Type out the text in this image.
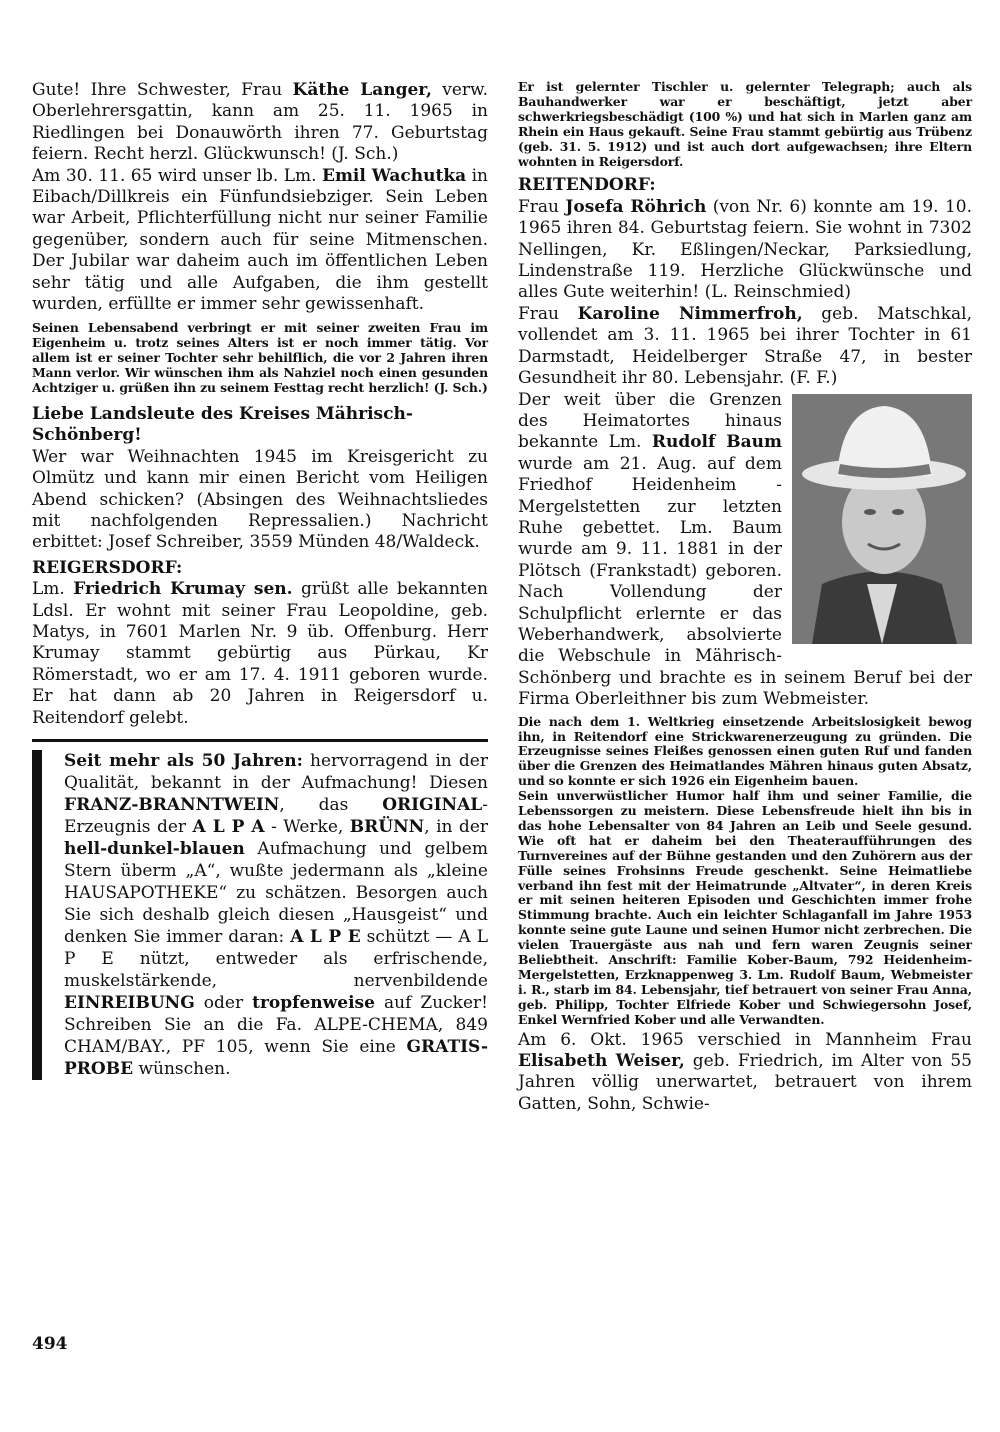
Gute! Ihre Schwester, Frau Käthe Langer, verw. Oberlehrersgattin, kann am 25. 11. 1965 in Riedlingen bei Donauwörth ihren 77. Geburtstag feiern. Recht herzl. Glückwunsch! (J. Sch.)

Am 30. 11. 65 wird unser lb. Lm. Emil Wachutka in Eibach/Dillkreis ein Fünfundsiebziger. Sein Leben war Arbeit, Pflichterfüllung nicht nur seiner Familie gegenüber, sondern auch für seine Mitmenschen. Der Jubilar war daheim auch im öffentlichen Leben sehr tätig und alle Aufgaben, die ihm gestellt wurden, erfüllte er immer sehr gewissenhaft.

Seinen Lebensabend verbringt er mit seiner zweiten Frau im Eigenheim u. trotz seines Alters ist er noch immer tätig. Vor allem ist er seiner Tochter sehr behilflich, die vor 2 Jahren ihren Mann verlor. Wir wünschen ihm als Nahziel noch einen gesunden Achtziger u. grüßen ihn zu seinem Festtag recht herzlich! (J. Sch.)

Liebe Landsleute des Kreises Mährisch-Schönberg!

Wer war Weihnachten 1945 im Kreisgericht zu Olmütz und kann mir einen Bericht vom Heiligen Abend schicken? (Absingen des Weihnachtsliedes mit nachfolgenden Repressalien.) Nachricht erbittet: Josef Schreiber, 3559 Münden 48/Waldeck.

REIGERSDORF:

Lm. Friedrich Krumay sen. grüßt alle bekannten Ldsl. Er wohnt mit seiner Frau Leopoldine, geb. Matys, in 7601 Marlen Nr. 9 üb. Offenburg. Herr Krumay stammt gebürtig aus Pürkau, Kr Römerstadt, wo er am 17. 4. 1911 geboren wurde. Er hat dann ab 20 Jahren in Reigersdorf u. Reitendorf gelebt.

Seit mehr als 50 Jahren: hervorragend in der Qualität, bekannt in der Aufmachung! Diesen FRANZ-BRANNTWEIN, das ORIGINAL-Erzeugnis der A L P A - Werke, BRÜNN, in der hell-dunkel-blauen Aufmachung und gelbem Stern überm „A“, wußte jedermann als „kleine HAUSAPOTHEKE“ zu schätzen. Besorgen auch Sie sich deshalb gleich diesen „Hausgeist“ und denken Sie immer daran: A L P E schützt — A L P E nützt, entweder als erfrischende, muskelstärkende, nervenbildende EINREIBUNG oder tropfenweise auf Zucker! Schreiben Sie an die Fa. ALPE-CHEMA, 849 CHAM/BAY., PF 105, wenn Sie eine GRATIS-PROBE wünschen.

494

Er ist gelernter Tischler u. gelernter Telegraph; auch als Bauhandwerker war er beschäftigt, jetzt aber schwerkriegsbeschädigt (100 %) und hat sich in Marlen ganz am Rhein ein Haus gekauft. Seine Frau stammt gebürtig aus Trübenz (geb. 31. 5. 1912) und ist auch dort aufgewachsen; ihre Eltern wohnten in Reigersdorf.

REITENDORF:

Frau Josefa Röhrich (von Nr. 6) konnte am 19. 10. 1965 ihren 84. Geburtstag feiern. Sie wohnt in 7302 Nellingen, Kr. Eßlingen/Neckar, Parksiedlung, Lindenstraße 119. Herzliche Glückwünsche und alles Gute weiterhin! (L. Reinschmied)

Frau Karoline Nimmerfroh, geb. Matschkal, vollendet am 3. 11. 1965 bei ihrer Tochter in 61 Darmstadt, Heidelberger Straße 47, in bester Gesundheit ihr 80. Lebensjahr. (F. F.)

Der weit über die Grenzen des Heimatortes hinaus bekannte Lm. Rudolf Baum wurde am 21. Aug. auf dem Friedhof Heidenheim - Mergelstetten zur letzten Ruhe gebettet. Lm. Baum wurde am 9. 11. 1881 in der Plötsch (Frankstadt) geboren. Nach Vollendung der Schulpflicht erlernte er das Weberhandwerk, absolvierte die Webschule in Mährisch-Schönberg und brachte es in seinem Beruf bei der Firma Oberleithner bis zum Webmeister.

Die nach dem 1. Weltkrieg einsetzende Arbeitslosigkeit bewog ihn, in Reitendorf eine Strickwarenerzeugung zu gründen. Die Erzeugnisse seines Fleißes genossen einen guten Ruf und fanden über die Grenzen des Heimatlandes Mähren hinaus guten Absatz, und so konnte er sich 1926 ein Eigenheim bauen.

Sein unverwüstlicher Humor half ihm und seiner Familie, die Lebenssorgen zu meistern. Diese Lebensfreude hielt ihn bis in das hohe Lebensalter von 84 Jahren an Leib und Seele gesund. Wie oft hat er daheim bei den Theateraufführungen des Turnvereines auf der Bühne gestanden und den Zuhörern aus der Fülle seines Frohsinns Freude geschenkt. Seine Heimatliebe verband ihn fest mit der Heimatrunde „Altvater“, in deren Kreis er mit seinen heiteren Episoden und Geschichten immer frohe Stimmung brachte. Auch ein leichter Schlaganfall im Jahre 1953 konnte seine gute Laune und seinen Humor nicht zerbrechen. Die vielen Trauergäste aus nah und fern waren Zeugnis seiner Beliebtheit. Anschrift: Familie Kober-Baum, 792 Heidenheim-Mergelstetten, Erzknappenweg 3. Lm. Rudolf Baum, Webmeister i. R., starb im 84. Lebensjahr, tief betrauert von seiner Frau Anna, geb. Philipp, Tochter Elfriede Kober und Schwiegersohn Josef, Enkel Wernfried Kober und alle Verwandten.

Am 6. Okt. 1965 verschied in Mannheim Frau Elisabeth Weiser, geb. Friedrich, im Alter von 55 Jahren völlig unerwartet, betrauert von ihrem Gatten, Sohn, Schwie-
